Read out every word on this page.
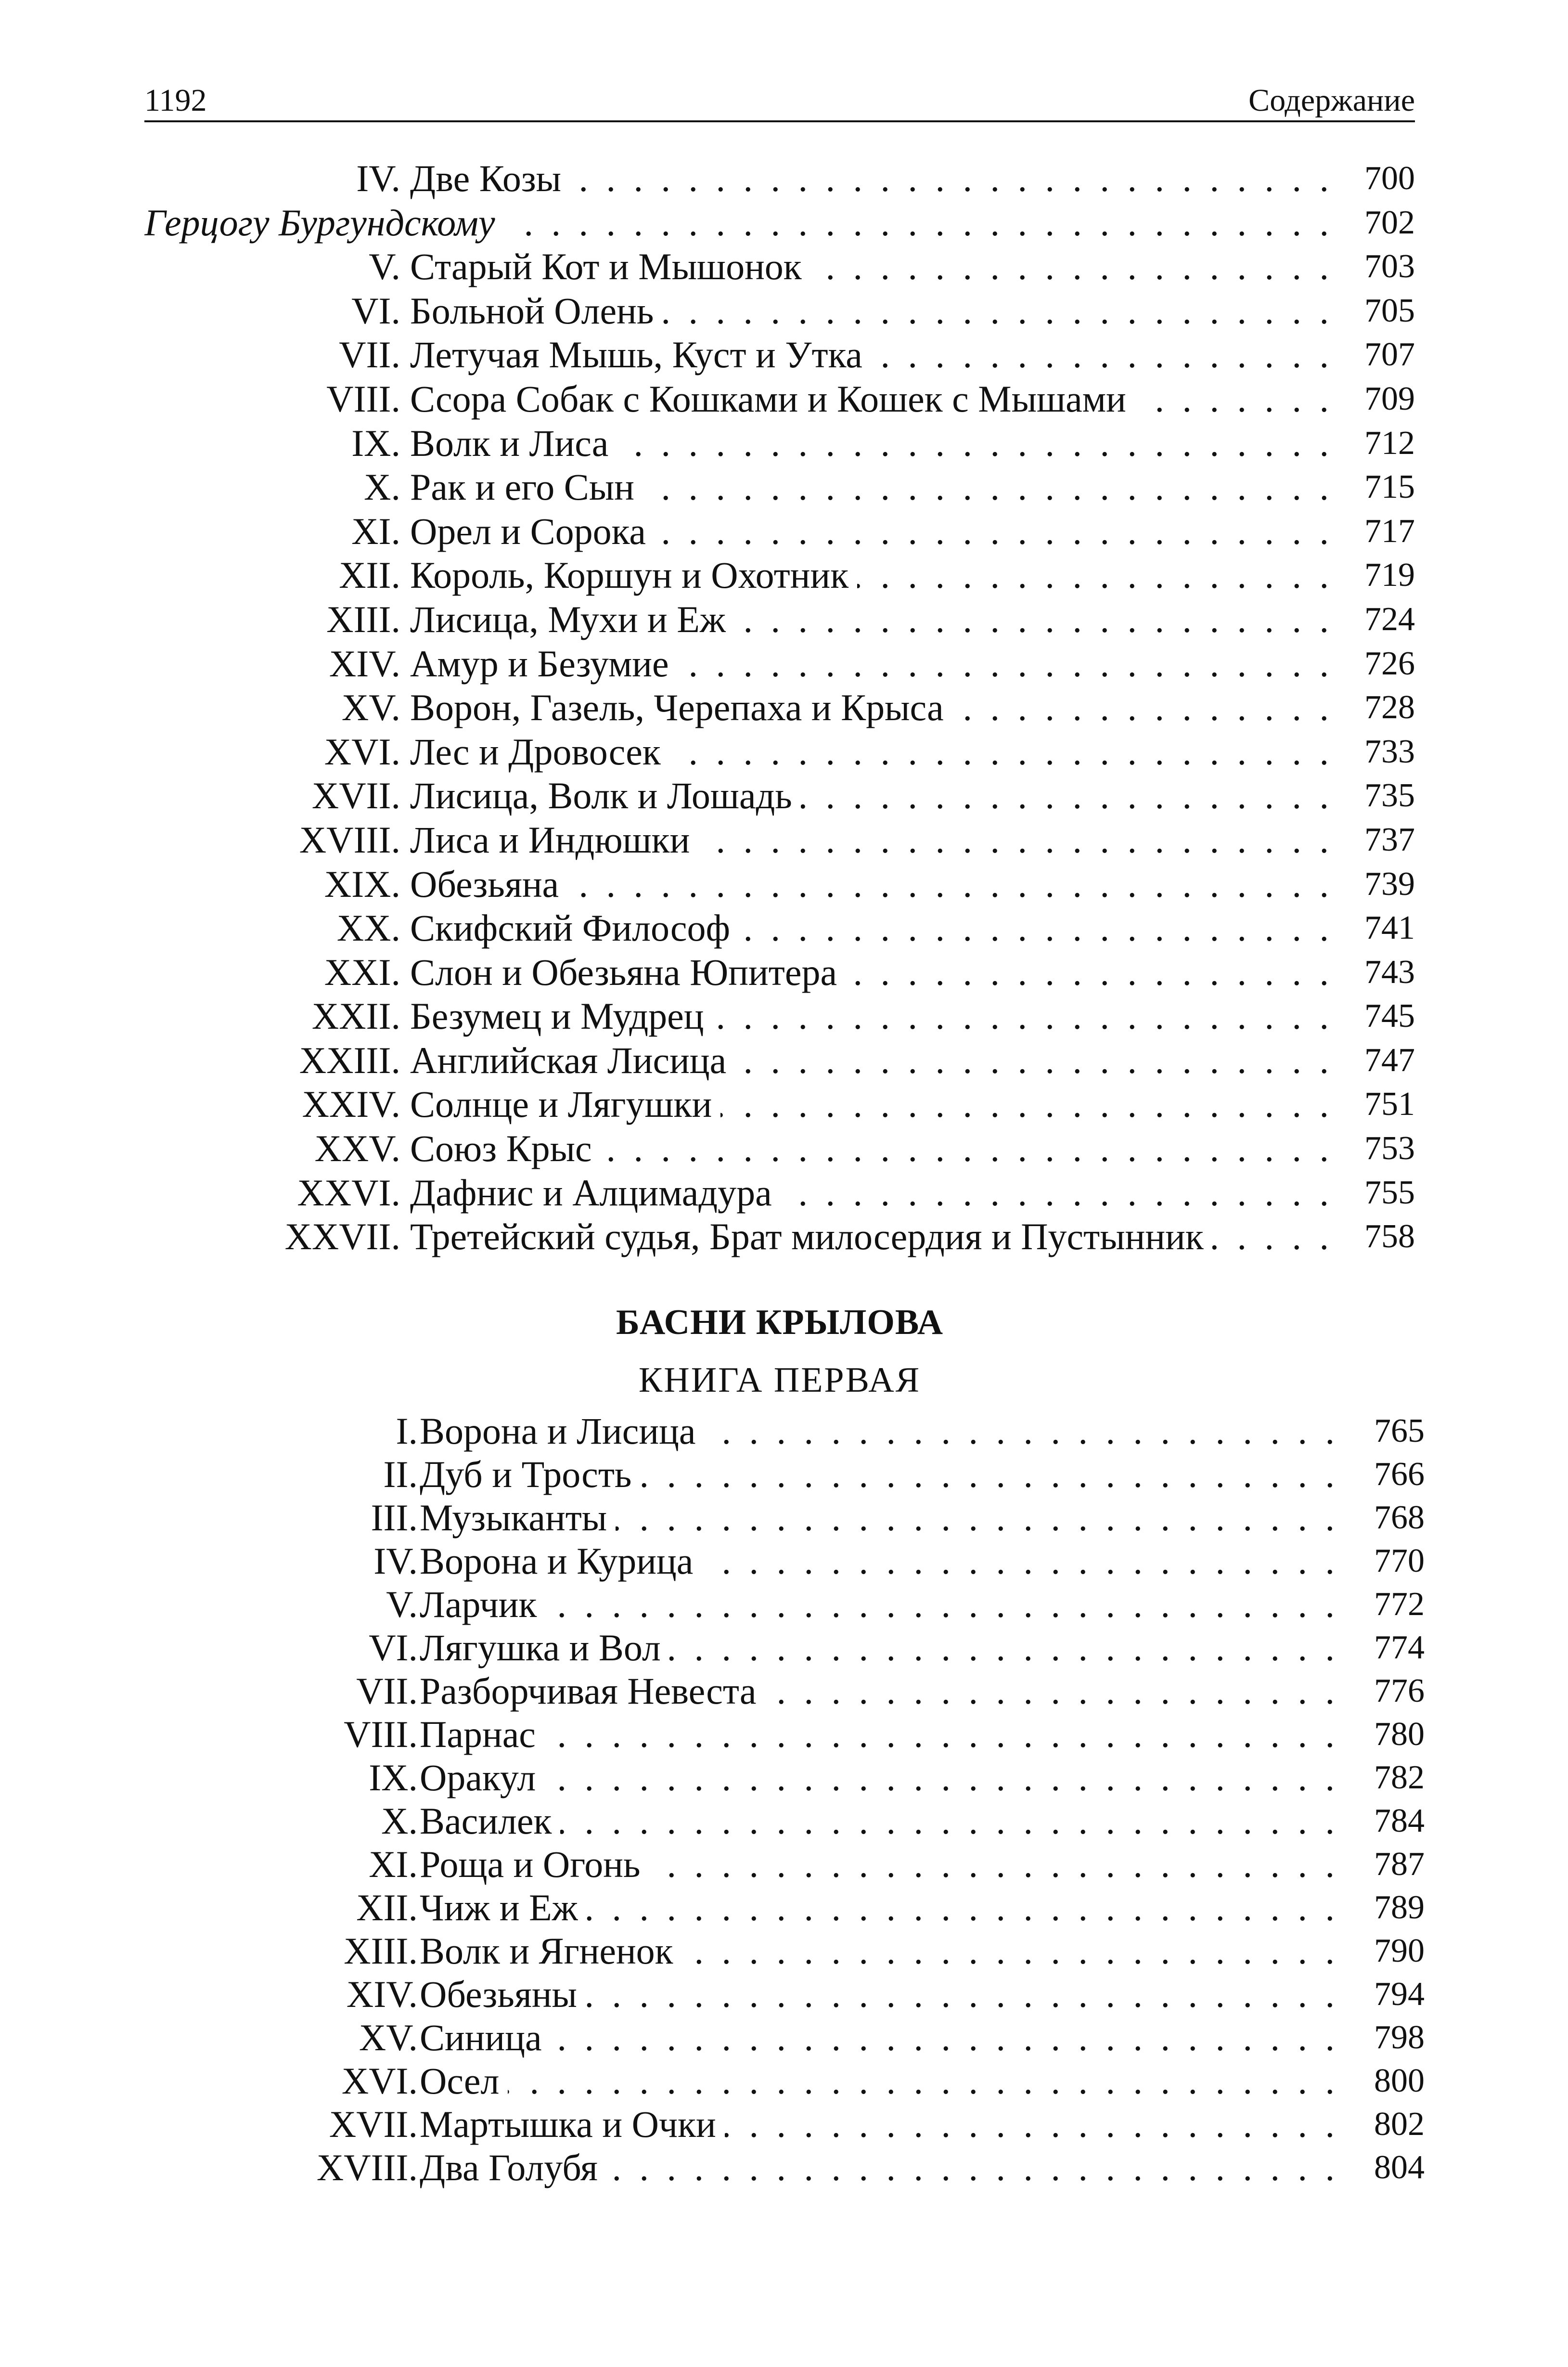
1192	Содержание
IV. Две Козы . . .	700
Герцогу Бургундскому . . .	702
V. Старый Кот и Мышонок . . .	703
VI. Больной Олень . . .	705
VII. Летучая Мышь, Куст и Утка . . .	707
VIII. Ссора Собак с Кошками и Кошек с Мышами . . .	709
IX. Волк и Лиса . . .	712
X. Рак и его Сын . . .	715
XI. Орел и Сорока . . .	717
XII. Король, Коршун и Охотник . . .	719
XIII. Лисица, Мухи и Еж . . .	724
XIV. Амур и Безумие . . .	726
XV. Ворон, Газель, Черепаха и Крыса . . .	728
XVI. Лес и Дровосек . . .	733
XVII. Лисица, Волк и Лошадь . . .	735
XVIII. Лиса и Индюшки . . .	737
XIX. Обезьяна . . .	739
XX. Скифский Философ . . .	741
XXI. Слон и Обезьяна Юпитера . . .	743
XXII. Безумец и Мудрец . . .	745
XXIII. Английская Лисица . . .	747
XXIV. Солнце и Лягушки . . .	751
XXV. Союз Крыс . . .	753
XXVI. Дафнис и Алцимадура . . .	755
XXVII. Третейский судья, Брат милосердия и Пустынник . . .	758
БАСНИ КРЫЛОВА
КНИГА ПЕРВАЯ
I. Ворона и Лисица . . .	765
II. Дуб и Трость . . .	766
III. Музыканты . . .	768
IV. Ворона и Курица . . .	770
V. Ларчик . . .	772
VI. Лягушка и Вол . . .	774
VII. Разборчивая Невеста . . .	776
VIII. Парнас . . .	780
IX. Оракул . . .	782
X. Василек . . .	784
XI. Роща и Огонь . . .	787
XII. Чиж и Еж . . .	789
XIII. Волк и Ягненок . . .	790
XIV. Обезьяны . . .	794
XV. Синица . . .	798
XVI. Осел . . .	800
XVII. Мартышка и Очки . . .	802
XVIII. Два Голубя . . .	804
